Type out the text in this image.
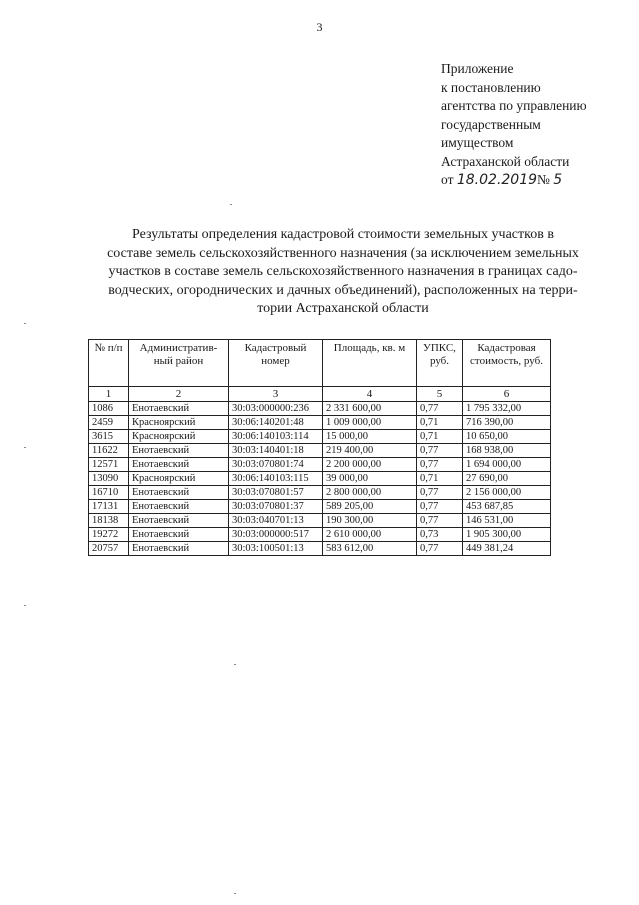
3
Приложение
к постановлению
агентства по управлению
государственным
имуществом
Астраханской области
от 18.02.2019№ 5
Результаты определения кадастровой стоимости земельных участков в
составе земель сельскохозяйственного назначения (за исключением земельных
участков в составе земель сельскохозяйственного назначения в границах садо-
водческих, огороднических и дачных объединений), расположенных на терри-
тории Астраханской области
№ п/п	Административ-ный район	Кадастровый номер	Площадь, кв. м	УПКС, руб.	Кадастровая стоимость, руб.
1	2	3	4	5	6
1086	Енотаевский	30:03:000000:236	2 331 600,00	0,77	1 795 332,00
2459	Красноярский	30:06:140201:48	1 009 000,00	0,71	716 390,00
3615	Красноярский	30:06:140103:114	15 000,00	0,71	10 650,00
11622	Енотаевский	30:03:140401:18	219 400,00	0,77	168 938,00
12571	Енотаевский	30:03:070801:74	2 200 000,00	0,77	1 694 000,00
13090	Красноярский	30:06:140103:115	39 000,00	0,71	27 690,00
16710	Енотаевский	30:03:070801:57	2 800 000,00	0,77	2 156 000,00
17131	Енотаевский	30:03:070801:37	589 205,00	0,77	453 687,85
18138	Енотаевский	30:03:040701:13	190 300,00	0,77	146 531,00
19272	Енотаевский	30:03:000000:517	2 610 000,00	0,73	1 905 300,00
20757	Енотаевский	30:03:100501:13	583 612,00	0,77	449 381,24
